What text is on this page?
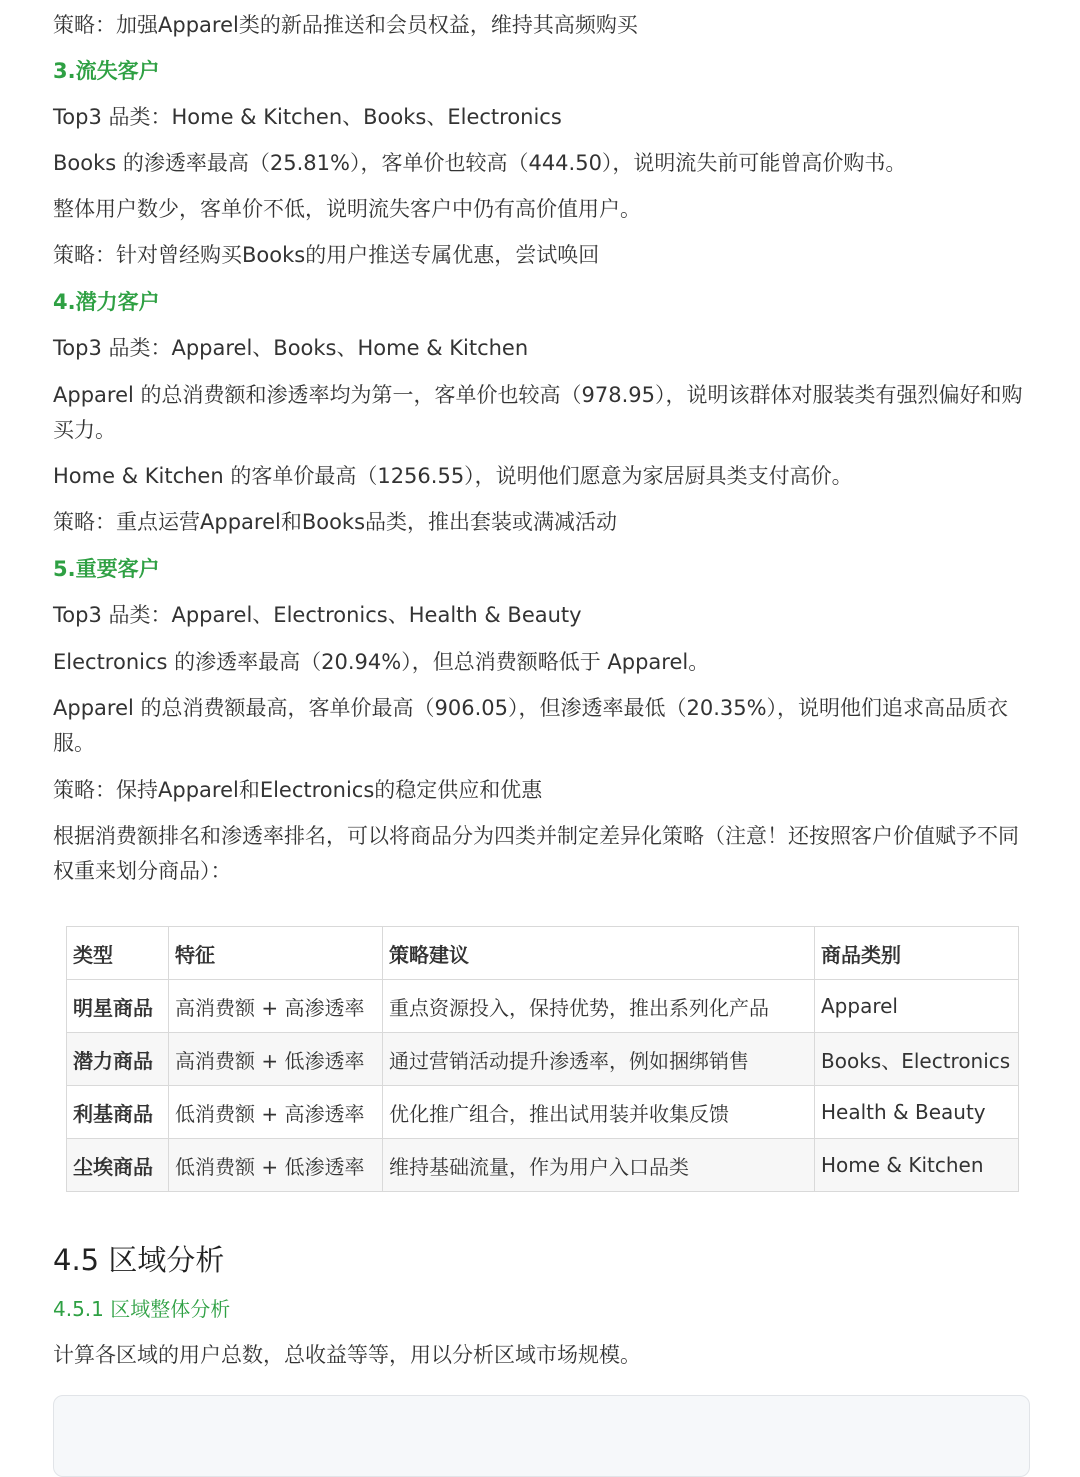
策略：加强Apparel类的新品推送和会员权益，维持其高频购买
3.流失客户
Top3 品类：Home & Kitchen、Books、Electronics
Books 的渗透率最高（25.81%），客单价也较高（444.50），说明流失前可能曾高价购书。
整体用户数少，客单价不低，说明流失客户中仍有高价值用户。
策略：针对曾经购买Books的用户推送专属优惠，尝试唤回
4.潜力客户
Top3 品类：Apparel、Books、Home & Kitchen
Apparel 的总消费额和渗透率均为第一，客单价也较高（978.95），说明该群体对服装类有强烈偏好和购买力。
Home & Kitchen 的客单价最高（1256.55），说明他们愿意为家居厨具类支付高价。
策略：重点运营Apparel和Books品类，推出套装或满减活动
5.重要客户
Top3 品类：Apparel、Electronics、Health & Beauty
Electronics 的渗透率最高（20.94%），但总消费额略低于 Apparel。
Apparel 的总消费额最高，客单价最高（906.05），但渗透率最低（20.35%），说明他们追求高品质衣服。
策略：保持Apparel和Electronics的稳定供应和优惠
根据消费额排名和渗透率排名，可以将商品分为四类并制定差异化策略（注意！还按照客户价值赋予不同权重来划分商品）：
类型	特征	策略建议	商品类别
明星商品	高消费额 + 高渗透率	重点资源投入，保持优势，推出系列化产品	Apparel
潜力商品	高消费额 + 低渗透率	通过营销活动提升渗透率，例如捆绑销售	Books、Electronics
利基商品	低消费额 + 高渗透率	优化推广组合，推出试用装并收集反馈	Health & Beauty
尘埃商品	低消费额 + 低渗透率	维持基础流量，作为用户入口品类	Home & Kitchen
4.5 区域分析
4.5.1 区域整体分析
计算各区域的用户总数，总收益等等，用以分析区域市场规模。
